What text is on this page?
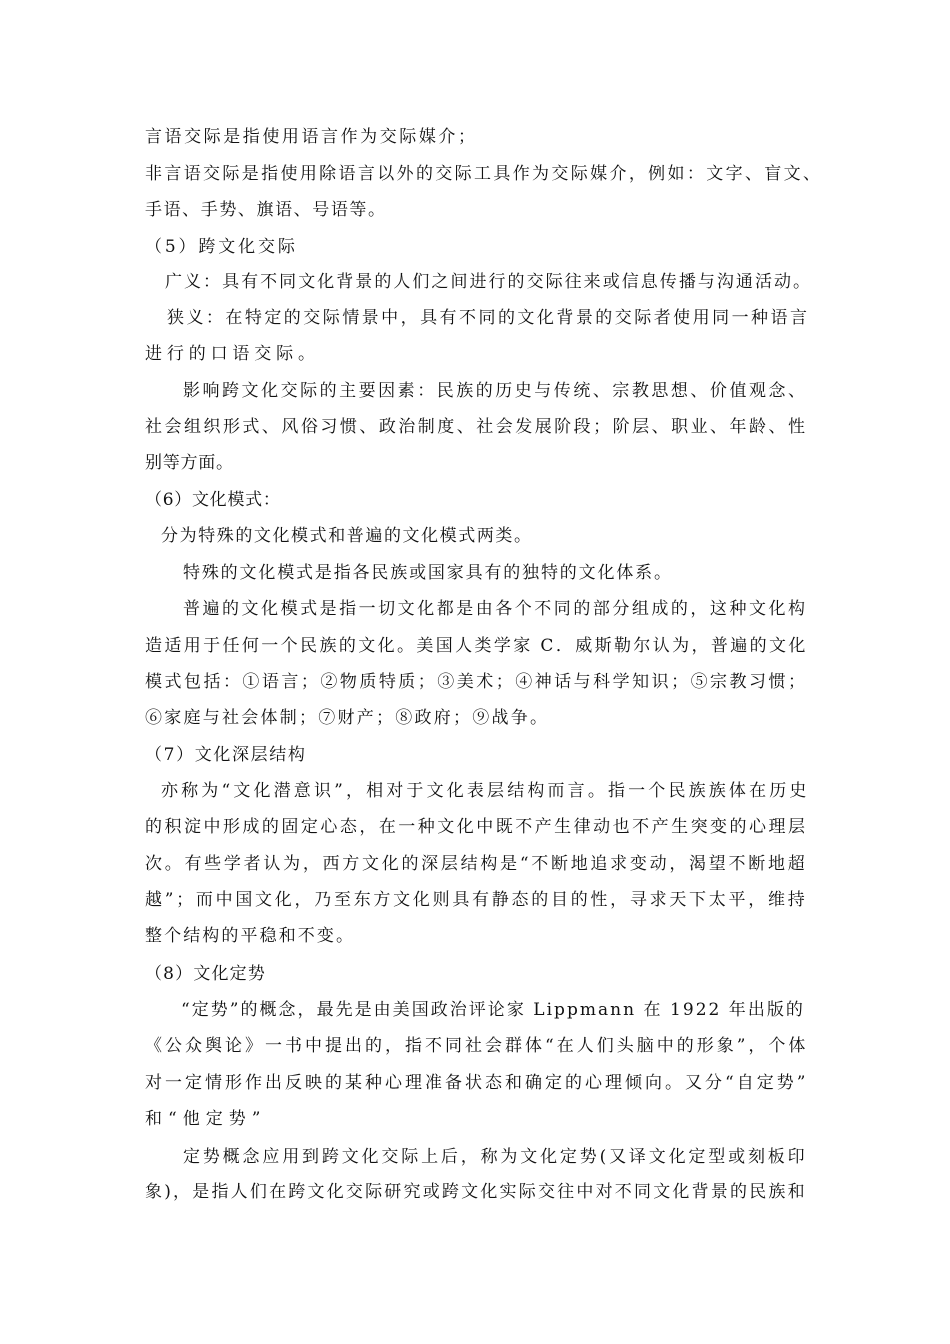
言语交际是指使用语言作为交际媒介；

非言语交际是指使用除语言以外的交际工具作为交际媒介，例如：文字、盲文、

手语、手势、旗语、号语等。

（5）跨文化交际

广义：具有不同文化背景的人们之间进行的交际往来或信息传播与沟通活动。

狭义：在特定的交际情景中，具有不同的文化背景的交际者使用同一种语言

进行的口语交际。

影响跨文化交际的主要因素：民族的历史与传统、宗教思想、价值观念、

社会组织形式、风俗习惯、政治制度、社会发展阶段；阶层、职业、年龄、性

别等方面。

（6）文化模式：

分为特殊的文化模式和普遍的文化模式两类。

特殊的文化模式是指各民族或国家具有的独特的文化体系。

普遍的文化模式是指一切文化都是由各个不同的部分组成的，这种文化构

造适用于任何一个民族的文化。美国人类学家 C．威斯勒尔认为，普遍的文化

模式包括：①语言；②物质特质；③美术；④神话与科学知识；⑤宗教习惯；

⑥家庭与社会体制；⑦财产；⑧政府；⑨战争。

（7）文化深层结构

亦称为“文化潜意识”，相对于文化表层结构而言。指一个民族族体在历史

的积淀中形成的固定心态，在一种文化中既不产生律动也不产生突变的心理层

次。有些学者认为，西方文化的深层结构是“不断地追求变动，渴望不断地超

越”；而中国文化，乃至东方文化则具有静态的目的性，寻求天下太平，维持

整个结构的平稳和不变。

（8）文化定势

“定势”的概念，最先是由美国政治评论家 Lippmann 在 1922 年出版的

《公众舆论》一书中提出的，指不同社会群体“在人们头脑中的形象”，个体

对一定情形作出反映的某种心理准备状态和确定的心理倾向。又分“自定势”

和“他定势”

定势概念应用到跨文化交际上后，称为文化定势(又译文化定型或刻板印

象)，是指人们在跨文化交际研究或跨文化实际交往中对不同文化背景的民族和
